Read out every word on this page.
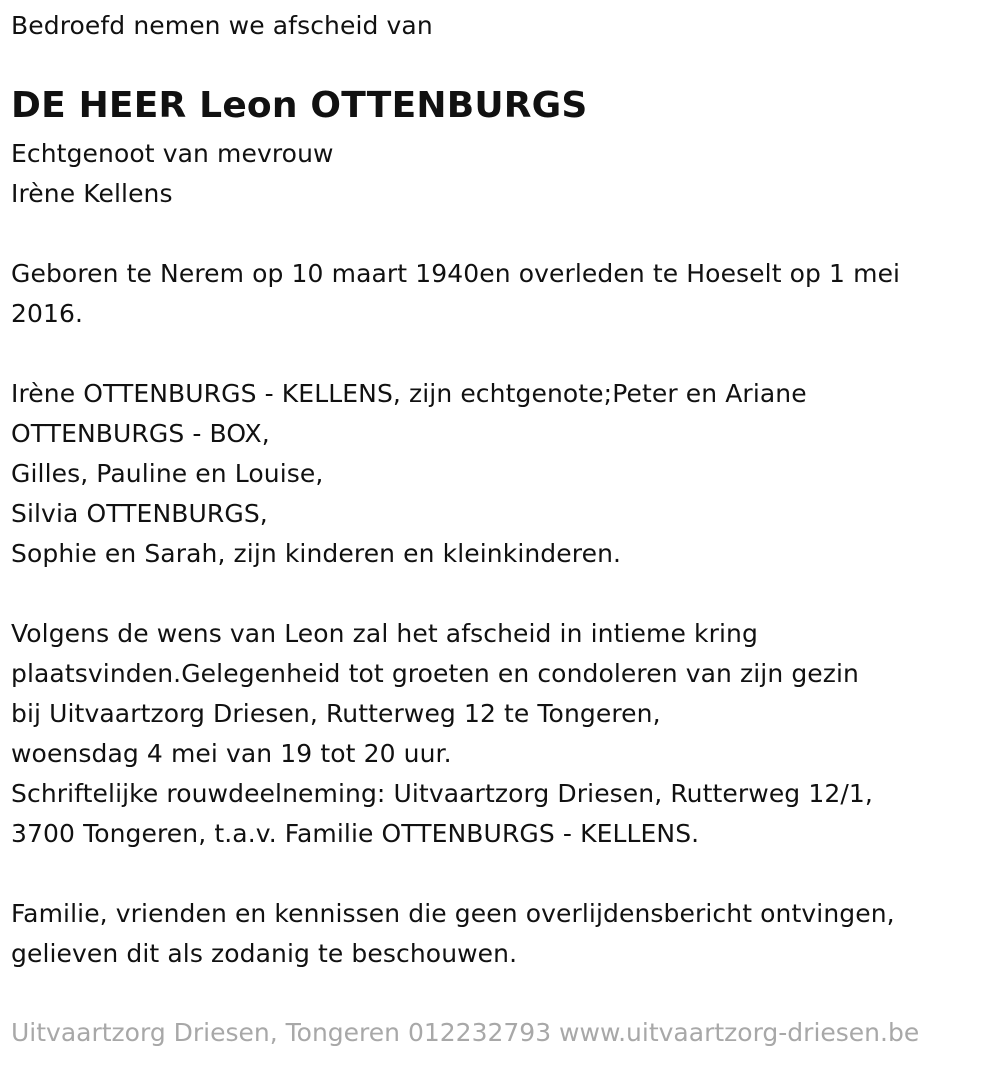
Bedroefd nemen we afscheid van
DE HEER Leon OTTENBURGS
Echtgenoot van mevrouw
Irène Kellens
Geboren te Nerem op 10 maart 1940en overleden te Hoeselt op 1 mei
2016.
Irène OTTENBURGS - KELLENS, zijn echtgenote;Peter en Ariane
OTTENBURGS - BOX,
Gilles, Pauline en Louise,
Silvia OTTENBURGS,
Sophie en Sarah, zijn kinderen en kleinkinderen.
Volgens de wens van Leon zal het afscheid in intieme kring
plaatsvinden.Gelegenheid tot groeten en condoleren van zijn gezin
bij Uitvaartzorg Driesen, Rutterweg 12 te Tongeren,
woensdag 4 mei van 19 tot 20 uur.
Schriftelijke rouwdeelneming: Uitvaartzorg Driesen, Rutterweg 12/1,
3700 Tongeren, t.a.v. Familie OTTENBURGS - KELLENS.
Familie, vrienden en kennissen die geen overlijdensbericht ontvingen,
gelieven dit als zodanig te beschouwen.
Uitvaartzorg Driesen, Tongeren 012232793 www.uitvaartzorg-driesen.be
